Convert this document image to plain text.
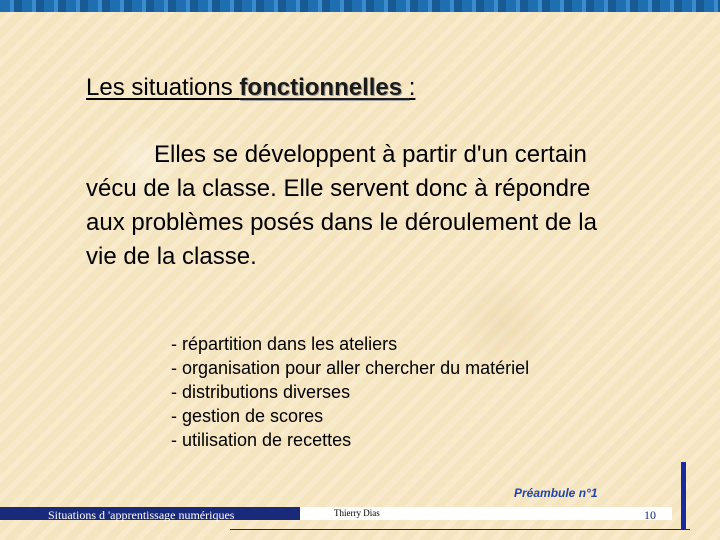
Les situations fonctionnelles :
Elles se développent à partir d'un certain vécu de la classe. Elle servent donc à répondre aux problèmes posés dans le déroulement de la vie de la classe.
- répartition dans les ateliers
- organisation pour aller chercher du matériel
- distributions diverses
- gestion de scores
- utilisation de recettes
Préambule n°1
Situations d 'apprentissage numériques	Thierry Dias	10
